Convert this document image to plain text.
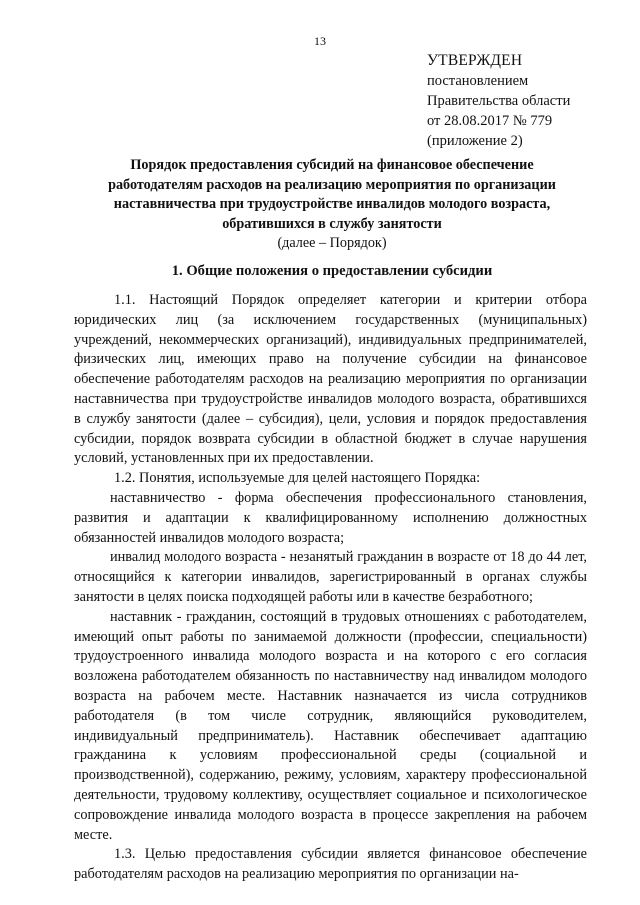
13
УТВЕРЖДЕН
постановлением
Правительства области
от 28.08.2017 № 779
(приложение 2)
Порядок предоставления субсидий на финансовое обеспечение работодателям расходов на реализацию мероприятия по организации наставничества при трудоустройстве инвалидов молодого возраста, обратившихся в службу занятости
(далее – Порядок)
1. Общие положения о предоставлении субсидии

1.1. Настоящий Порядок определяет категории и критерии отбора юридических лиц (за исключением государственных (муниципальных) учреждений, некоммерческих организаций), индивидуальных предпринимателей, физических лиц, имеющих право на получение субсидии на финансовое обеспечение работодателям расходов на реализацию мероприятия по организации наставничества при трудоустройстве инвалидов молодого возраста, обратившихся в службу занятости (далее – субсидия), цели, условия и порядок предоставления субсидии, порядок возврата субсидии в областной бюджет в случае нарушения условий, установленных при их предоставлении.

1.2. Понятия, используемые для целей настоящего Порядка:

наставничество - форма обеспечения профессионального становления, развития и адаптации к квалифицированному исполнению должностных обязанностей инвалидов молодого возраста;

инвалид молодого возраста - незанятый гражданин в возрасте от 18 до 44 лет, относящийся к категории инвалидов, зарегистрированный в органах службы занятости в целях поиска подходящей работы или в качестве безработного;

наставник - гражданин, состоящий в трудовых отношениях с работодателем, имеющий опыт работы по занимаемой должности (профессии, специальности) трудоустроенного инвалида молодого возраста и на которого с его согласия возложена работодателем обязанность по наставничеству над инвалидом молодого возраста на рабочем месте. Наставник назначается из числа сотрудников работодателя (в том числе сотрудник, являющийся руководителем, индивидуальный предприниматель). Наставник обеспечивает адаптацию гражданина к условиям профессиональной среды (социальной и производственной), содержанию, режиму, условиям, характеру профессиональной деятельности, трудовому коллективу, осуществляет социальное и психологическое сопровождение инвалида молодого возраста в процессе закрепления на рабочем месте.

1.3. Целью предоставления субсидии является финансовое обеспечение работодателям расходов на реализацию мероприятия по организации на-
